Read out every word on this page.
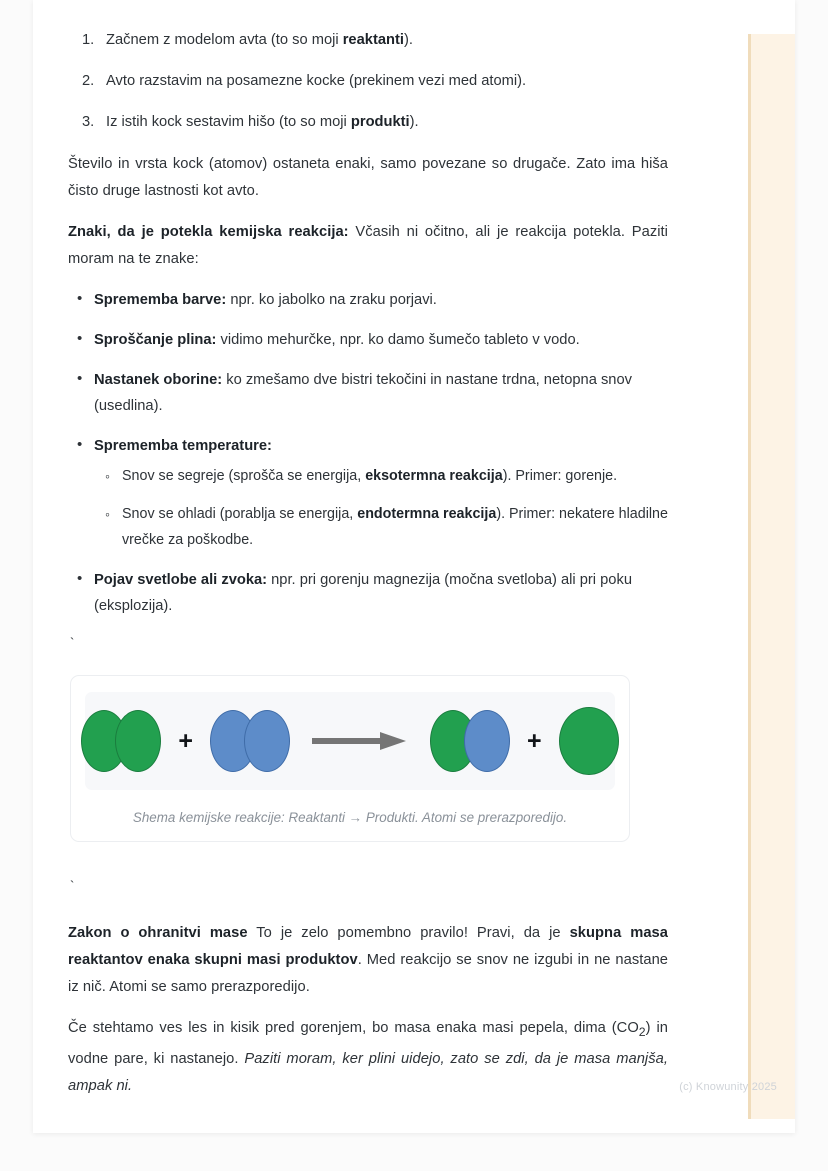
Začnem z modelom avta (to so moji reaktanti).
Avto razstavim na posamezne kocke (prekinem vezi med atomi).
Iz istih kock sestavim hišo (to so moji produkti).

Število in vrsta kock (atomov) ostaneta enaki, samo povezane so drugače. Zato ima hiša čisto druge lastnosti kot avto.

Znaki, da je potekla kemijska reakcija: Včasih ni očitno, ali je reakcija potekla. Paziti moram na te znake:

• Sprememba barve: npr. ko jabolko na zraku porjavi.
• Sproščanje plina: vidimo mehurčke, npr. ko damo šumečo tableto v vodo.
• Nastanek oborine: ko zmešamo dve bistri tekočini in nastane trdna, netopna snov (usedlina).
• Sprememba temperature:
◦ Snov se segreje (sprošča se energija, eksotermna reakcija). Primer: gorenje.
◦ Snov se ohladi (porablja se energija, endotermna reakcija). Primer: nekatere hladilne vrečke za poškodbe.
• Pojav svetlobe ali zvoka: npr. pri gorenju magnezija (močna svetloba) ali pri poku (eksplozija).
`
+	+
Shema kemijske reakcije: Reaktanti → Produkti. Atomi se prerazporedijo.
`

Zakon o ohranitvi mase To je zelo pomembno pravilo! Pravi, da je skupna masa reaktantov enaka skupni masi produktov. Med reakcijo se snov ne izgubi in ne nastane iz nič. Atomi se samo prerazporedijo.

Če stehtamo ves les in kisik pred gorenjem, bo masa enaka masi pepela, dima $(CO_2)$ in vodne pare, ki nastanejo. Paziti moram, ker plini uidejo, zato se zdi, da je masa manjša, ampak ni.	(c) Knowunity 2025
